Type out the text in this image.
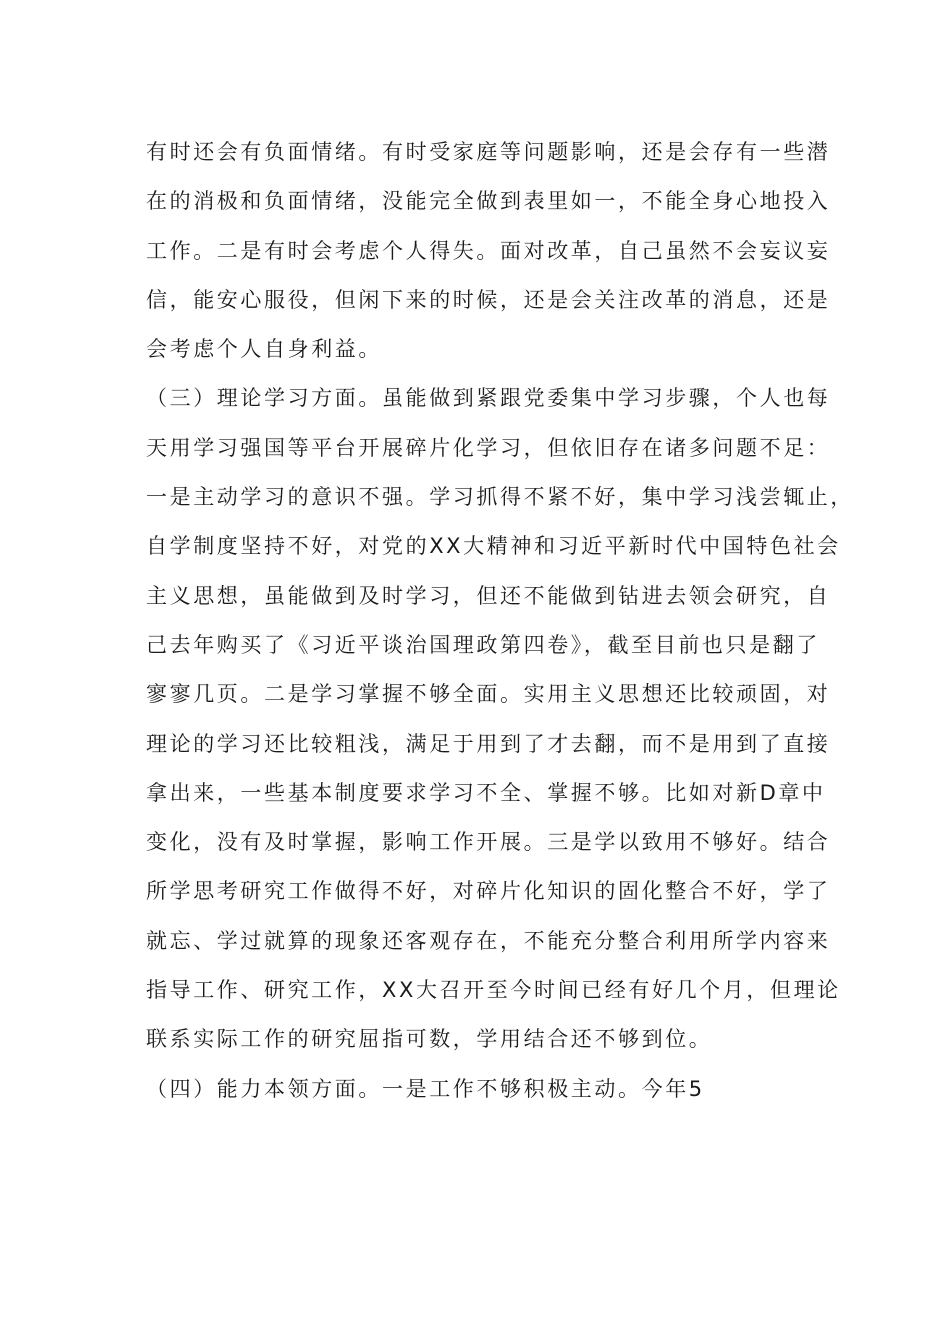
有时还会有负面情绪。有时受家庭等问题影响，还是会存有一些潜
在的消极和负面情绪，没能完全做到表里如一，不能全身心地投入
工作。二是有时会考虑个人得失。面对改革，自己虽然不会妄议妄
信，能安心服役，但闲下来的时候，还是会关注改革的消息，还是
会考虑个人自身利益。
（三）理论学习方面。虽能做到紧跟党委集中学习步骤，个人也每
天用学习强国等平台开展碎片化学习，但依旧存在诸多问题不足：
一是主动学习的意识不强。学习抓得不紧不好，集中学习浅尝辄止，
自学制度坚持不好，对党的XX大精神和习近平新时代中国特色社会
主义思想，虽能做到及时学习，但还不能做到钻进去领会研究，自
己去年购买了《习近平谈治国理政第四卷》，截至目前也只是翻了
寥寥几页。二是学习掌握不够全面。实用主义思想还比较顽固，对
理论的学习还比较粗浅，满足于用到了才去翻，而不是用到了直接
拿出来，一些基本制度要求学习不全、掌握不够。比如对新D章中
变化，没有及时掌握，影响工作开展。三是学以致用不够好。结合
所学思考研究工作做得不好，对碎片化知识的固化整合不好，学了
就忘、学过就算的现象还客观存在，不能充分整合利用所学内容来
指导工作、研究工作，XX大召开至今时间已经有好几个月，但理论
联系实际工作的研究屈指可数，学用结合还不够到位。
（四）能力本领方面。一是工作不够积极主动。今年5
